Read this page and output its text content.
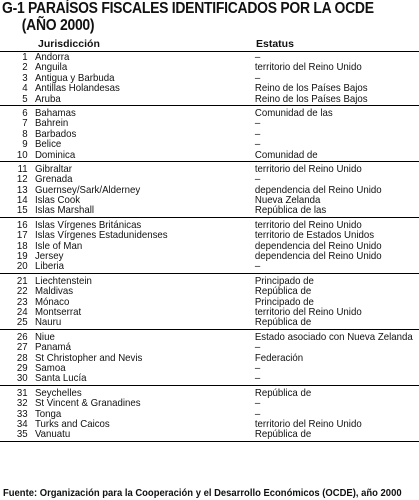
G-1 PARAÍSOS FISCALES IDENTIFICADOS POR LA OCDE
(AÑO 2000)
Jurisdicción	Estatus
1 Andorra	–
2 Anguila	territorio del Reino Unido
3 Antigua y Barbuda	–
4 Antillas Holandesas	Reino de los Países Bajos
5 Aruba	Reino de los Países Bajos
6 Bahamas	Comunidad de las
7 Bahrein	–
8 Barbados	–
9 Belice	–
10 Dominica	Comunidad de
11 Gibraltar	territorio del Reino Unido
12 Grenada	–
13 Guernsey/Sark/Alderney	dependencia del Reino Unido
14 Islas Cook	Nueva Zelanda
15 Islas Marshall	República de las
16 Islas Vírgenes Británicas	territorio del Reino Unido
17 Islas Vírgenes Estadunidenses	territorio de Estados Unidos
18 Isle of Man	dependencia del Reino Unido
19 Jersey	dependencia del Reino Unido
20 Liberia	–
21 Liechtenstein	Principado de
22 Maldivas	República de
23 Mónaco	Principado de
24 Montserrat	territorio del Reino Unido
25 Nauru	República de
26 Niue	Estado asociado con Nueva Zelanda
27 Panamá	–
28 St Christopher and Nevis	Federación
29 Samoa	–
30 Santa Lucía	–
31 Seychelles	República de
32 St Vincent & Granadines	–
33 Tonga	–
34 Turks and Caicos	territorio del Reino Unido
35 Vanuatu	República de
Fuente: Organización para la Cooperación y el Desarrollo Económicos (OCDE), año 2000
